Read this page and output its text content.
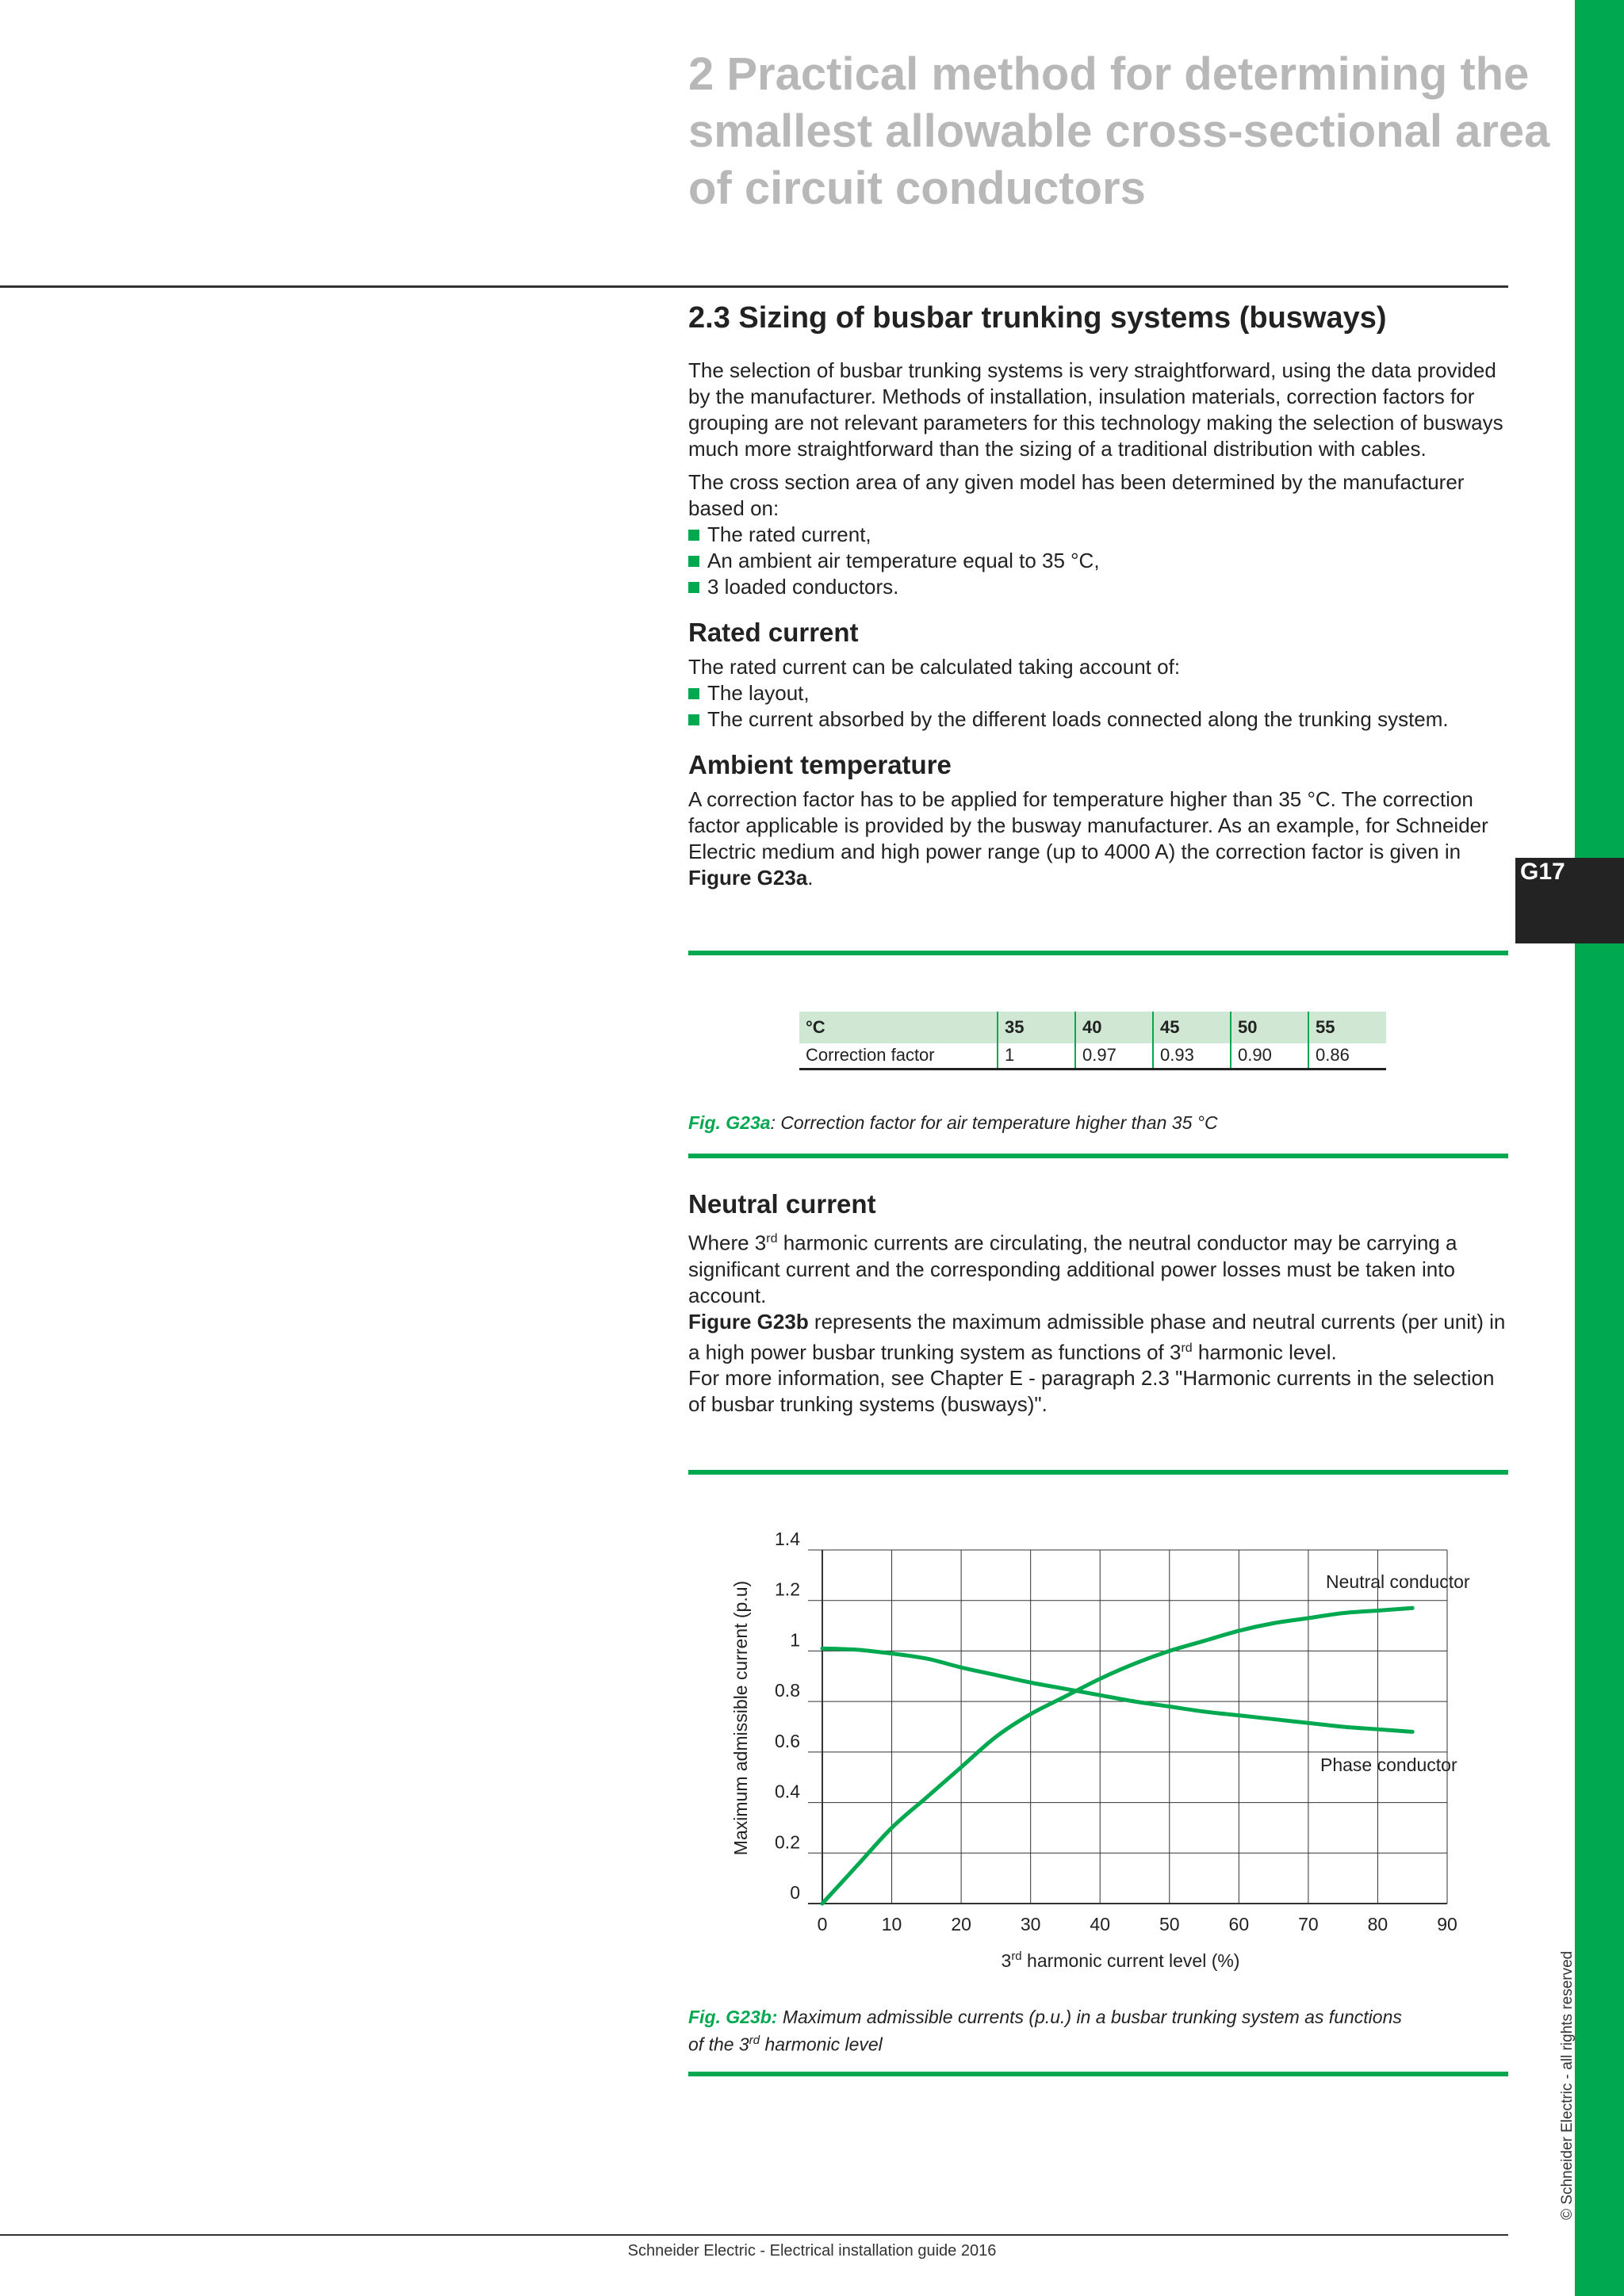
G17
© Schneider Electric - all rights reserved
2 Practical method for determining the smallest allowable cross-sectional area of circuit conductors
2.3 Sizing of busbar trunking systems (busways)

The selection of busbar trunking systems is very straightforward, using the data provided by the manufacturer. Methods of installation, insulation materials, correction factors for grouping are not relevant parameters for this technology making the selection of busways much more straightforward than the sizing of a traditional distribution with cables.

The cross section area of any given model has been determined by the manufacturer based on:

The rated current,
An ambient air temperature equal to 35 °C,
3 loaded conductors.
Rated current

The rated current can be calculated taking account of:

The layout,
The current absorbed by the different loads connected along the trunking system.
Ambient temperature

A correction factor has to be applied for temperature higher than 35 °C. The correction factor applicable is provided by the busway manufacturer. As an example, for Schneider Electric medium and high power range (up to 4000 A) the correction factor is given in Figure G23a.

°C	35	40	45	50	55
Correction factor	1	0.97	0.93	0.90	0.86

Fig. G23a: Correction factor for air temperature higher than 35 °C

Neutral current

Where 3rd harmonic currents are circulating, the neutral conductor may be carrying a significant current and the corresponding additional power losses must be taken into account.

Figure G23b represents the maximum admissible phase and neutral currents (per unit) in a high power busbar trunking system as functions of 3rd harmonic level.

For more information, see Chapter E - paragraph 2.3 "Harmonic currents in the selection of busbar trunking systems (busways)".

0	10	20	30	40	50	60	70	80	90
0
0.2
0.4
0.6
0.8
1
1.2
1.4
Maximum admissible current (p.u)
3rd harmonic current level (%)
Neutral conductor
Phase conductor

Fig. G23b: Maximum admissible currents (p.u.) in a busbar trunking system as functions
of the 3rd harmonic level

Schneider Electric - Electrical installation guide 2016
